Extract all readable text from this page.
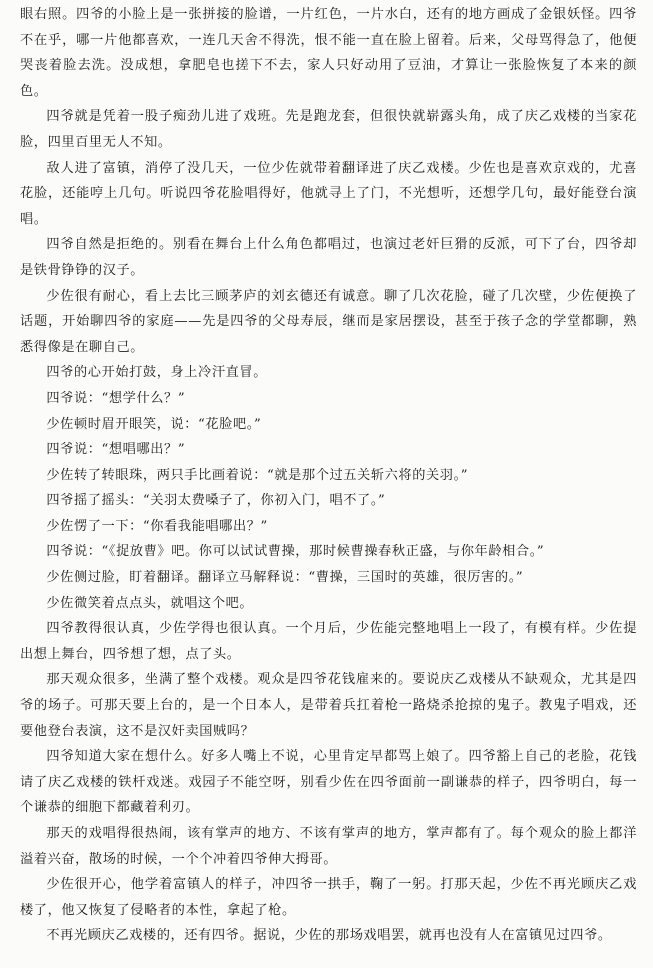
眼右照。四爷的小脸上是一张拼接的脸谱，一片红色，一片水白，还有的地方画成了金银妖怪。四爷不在乎，哪一片他都喜欢，一连几天舍不得洗，恨不能一直在脸上留着。后来，父母骂得急了，他便哭丧着脸去洗。没成想，拿肥皂也搓下不去，家人只好动用了豆油，才算让一张脸恢复了本来的颜色。

四爷就是凭着一股子痴劲儿进了戏班。先是跑龙套，但很快就崭露头角，成了庆乙戏楼的当家花脸，四里百里无人不知。

敌人进了富镇，消停了没几天，一位少佐就带着翻译进了庆乙戏楼。少佐也是喜欢京戏的，尤喜花脸，还能哼上几句。听说四爷花脸唱得好，他就寻上了门，不光想听，还想学几句，最好能登台演唱。

四爷自然是拒绝的。别看在舞台上什么角色都唱过，也演过老奸巨猾的反派，可下了台，四爷却是铁骨铮铮的汉子。

少佐很有耐心，看上去比三顾茅庐的刘玄德还有诚意。聊了几次花脸，碰了几次壁，少佐便换了话题，开始聊四爷的家庭——先是四爷的父母寿辰，继而是家居摆设，甚至于孩子念的学堂都聊，熟悉得像是在聊自己。

四爷的心开始打鼓，身上冷汗直冒。

四爷说：“想学什么？”

少佐顿时眉开眼笑，说：“花脸吧。”

四爷说：“想唱哪出？”

少佐转了转眼珠，两只手比画着说：“就是那个过五关斩六将的关羽。”

四爷摇了摇头：“关羽太费嗓子了，你初入门，唱不了。”

少佐愣了一下：“你看我能唱哪出？”

四爷说：“《捉放曹》吧。你可以试试曹操，那时候曹操春秋正盛，与你年龄相合。”

少佐侧过脸，盯着翻译。翻译立马解释说：“曹操，三国时的英雄，很厉害的。”

少佐微笑着点点头，就唱这个吧。

四爷教得很认真，少佐学得也很认真。一个月后，少佐能完整地唱上一段了，有模有样。少佐提出想上舞台，四爷想了想，点了头。

那天观众很多，坐满了整个戏楼。观众是四爷花钱雇来的。要说庆乙戏楼从不缺观众，尤其是四爷的场子。可那天要上台的，是一个日本人，是带着兵扛着枪一路烧杀抢掠的鬼子。教鬼子唱戏，还要他登台表演，这不是汉奸卖国贼吗？

四爷知道大家在想什么。好多人嘴上不说，心里肯定早都骂上娘了。四爷豁上自己的老脸，花钱请了庆乙戏楼的铁杆戏迷。戏园子不能空呀，别看少佐在四爷面前一副谦恭的样子，四爷明白，每一个谦恭的细胞下都藏着利刃。

那天的戏唱得很热闹，该有掌声的地方、不该有掌声的地方，掌声都有了。每个观众的脸上都洋溢着兴奋，散场的时候，一个个冲着四爷伸大拇哥。

少佐很开心，他学着富镇人的样子，冲四爷一拱手，鞠了一躬。打那天起，少佐不再光顾庆乙戏楼了，他又恢复了侵略者的本性，拿起了枪。

不再光顾庆乙戏楼的，还有四爷。据说，少佐的那场戏唱罢，就再也没有人在富镇见过四爷。
